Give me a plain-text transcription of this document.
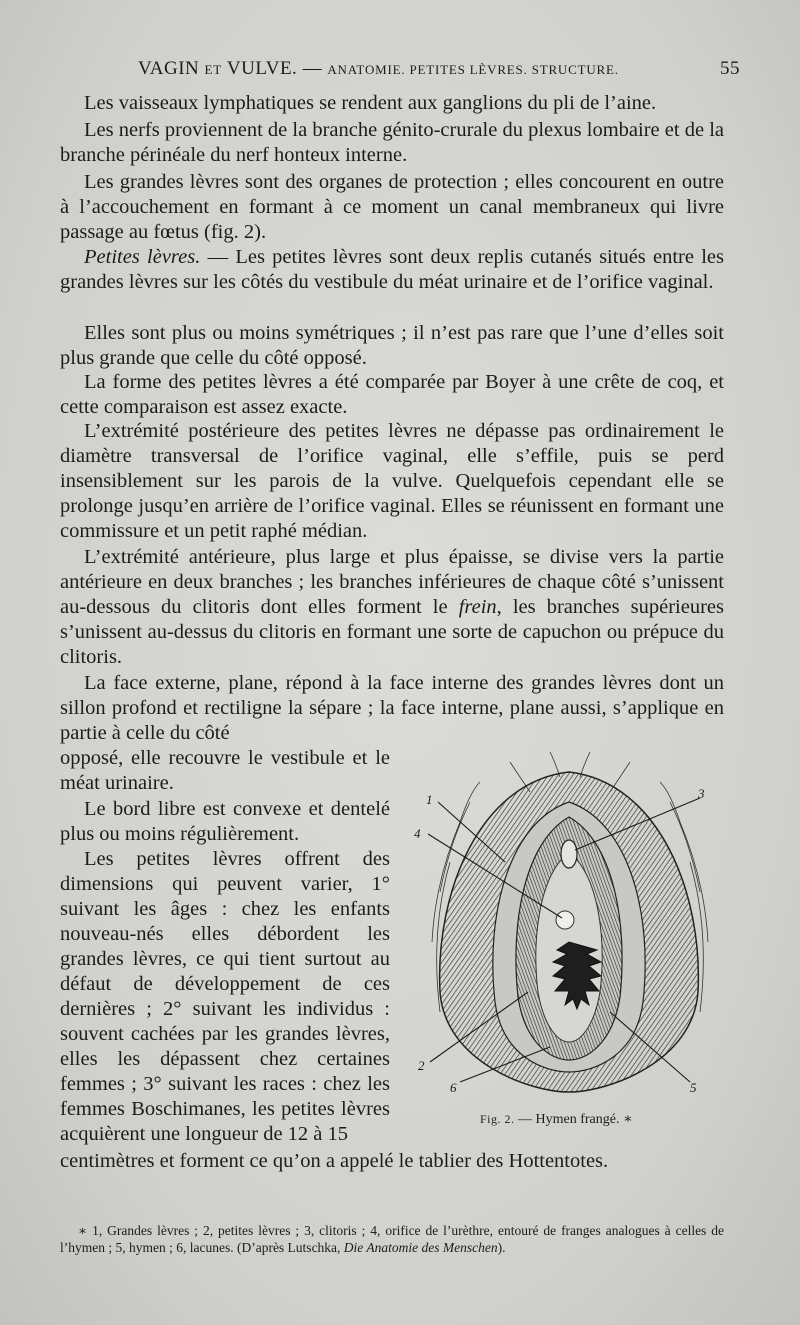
VAGIN ET VULVE. — ANATOMIE. PETITES LÈVRES. STRUCTURE.	55

Les vaisseaux lymphatiques se rendent aux ganglions du pli de l’aine.

Les nerfs proviennent de la branche génito-crurale du plexus lombaire et de la branche périnéale du nerf honteux interne.

Les grandes lèvres sont des organes de protection ; elles concourent en outre à l’accouchement en formant à ce moment un canal membraneux qui livre passage au fœtus (fig. 2).

Petites lèvres. — Les petites lèvres sont deux replis cutanés situés entre les grandes lèvres sur les côtés du vestibule du méat urinaire et de l’orifice vaginal.

Elles sont plus ou moins symétriques ; il n’est pas rare que l’une d’elles soit plus grande que celle du côté opposé.

La forme des petites lèvres a été comparée par Boyer à une crête de coq, et cette comparaison est assez exacte.

L’extrémité postérieure des petites lèvres ne dépasse pas ordinairement le diamètre transversal de l’orifice vaginal, elle s’effile, puis se perd insensiblement sur les parois de la vulve. Quelquefois cependant elle se prolonge jusqu’en arrière de l’orifice vaginal. Elles se réunissent en formant une commissure et un petit raphé médian.

L’extrémité antérieure, plus large et plus épaisse, se divise vers la partie antérieure en deux branches ; les branches inférieures de chaque côté s’unissent au-dessous du clitoris dont elles forment le frein, les branches supérieures s’unissent au-dessus du clitoris en formant une sorte de capuchon ou prépuce du clitoris.

La face externe, plane, répond à la face interne des grandes lèvres dont un sillon profond et rectiligne la sépare ; la face interne, plane aussi, s’applique en partie à celle du côté

opposé, elle recouvre le vestibule et le méat urinaire.

Le bord libre est convexe et dentelé plus ou moins régulièrement.

Les petites lèvres offrent des dimensions qui peuvent varier, 1° suivant les âges : chez les enfants nouveau-nés elles débordent les grandes lèvres, ce qui tient surtout au défaut de développement de ces dernières ; 2° suivant les individus : souvent cachées par les grandes lèvres, elles les dépassent chez certaines femmes ; 3° suivant les races : chez les femmes Boschimanes, les petites lèvres acquièrent une longueur de 12 à 15

centimètres et forment ce qu’on a appelé le tablier des Hottentotes.

1
4
3
2
5
6
Fig. 2. — Hymen frangé. ∗

∗ 1, Grandes lèvres ; 2, petites lèvres ; 3, clitoris ; 4, orifice de l’urèthre, entouré de franges analogues à celles de l’hymen ; 5, hymen ; 6, lacunes. (D’après Lutschka, Die Anatomie des Menschen).
